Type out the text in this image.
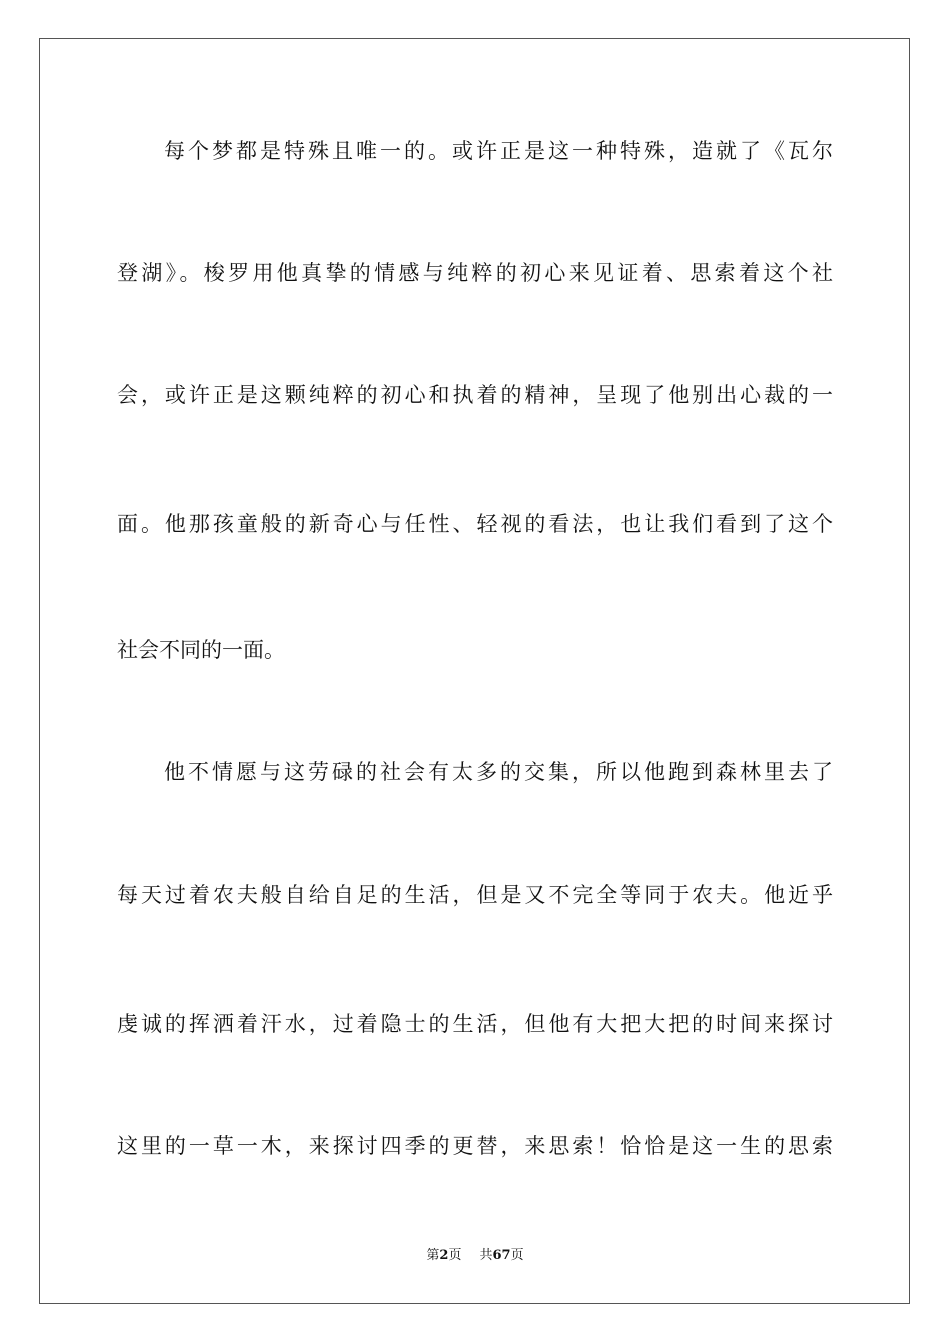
每个梦都是特殊且唯一的。或许正是这一种特殊，造就了《瓦尔
登湖》。梭罗用他真挚的情感与纯粹的初心来见证着、思索着这个社
会，或许正是这颗纯粹的初心和执着的精神，呈现了他别出心裁的一
面。他那孩童般的新奇心与任性、轻视的看法，也让我们看到了这个
社会不同的一面。
他不情愿与这劳碌的社会有太多的交集，所以他跑到森林里去了
每天过着农夫般自给自足的生活，但是又不完全等同于农夫。他近乎
虔诚的挥洒着汗水，过着隐士的生活，但他有大把大把的时间来探讨
这里的一草一木，来探讨四季的更替，来思索！恰恰是这一生的思索
第2页 共67页
